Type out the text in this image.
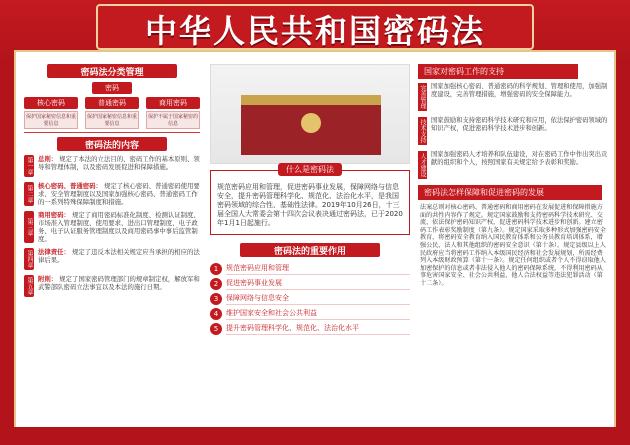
中华人民共和国密码法
密码法分类管理
密码
核心密码
保护国家秘密信息和重要信息
普通密码
保护国家秘密信息和重要信息
商用密码
保护不属于国家秘密的信息
密码法的内容
第一章 总则： 规定了本法的立法目的、密码工作的基本原则、领导和管理体制，以及密码发展促进和保障措施。
第二章 核心密码、普通密码： 规定了核心密码、普通密码使用要求、安全管理制度以及国家加强核心密码、普通密码工作的一系列特殊保障制度和措施。
第三章
商用密码： 规定了商用密码标准化制度、检测认证制度、市场准入管理制度、使用要求、进出口管理制度、电子政务、电子认证服务管理制度以及商用密码事中事后监管制度。
第四章 法律责任： 规定了违反本法相关规定应当承担的相应的法律后果。
第五章 附则： 规定了国家密码管理部门的规章制定权，解放军和武警部队密码立法事宜以及本法的施行日期。
什么是密码法
规范密码应用和管理，促进密码事业发展，保障网络与信息安全，提升密码管理科学化、规范化、法治化水平，是我国密码领域的综合性、基础性法律。2019年10月26日，十三届全国人大常委会第十四次会议表决通过密码法，已于2020年1月1日起施行。
密码法的重要作用
1	规范密码应用和管理
2	促进密码事业发展
3	保障网络与信息安全
4	维护国家安全和社会公共利益
5	提升密码管理科学化、规范化、法治化水平
国家对密码工作的支持
完善管理 国家加强核心密码、普通密码的科学规划、管理和使用，加强制度建设，完善管理措施，增强密码的安全保障能力。
技术支持 国家鼓励和支持密码科学技术研究和应用，依法保护密码领域的知识产权，促进密码科学技术进步和创新。
人才建设 国家加强密码人才培养和队伍建设，对在密码工作中作出突出贡献的组织和个人，按照国家有关规定给予表彰和奖励。
密码法怎样保障和促进密码的发展
法案总则对核心密码、普通密码和商用密码在发展促进和保障措施方面的共性内容作了规定。规定国家鼓励和支持密码科学技术研究、交流，依法保护密码知识产权，促进密码科学技术进步和创新。建立密码工作表彰奖励制度（第九条）。规定国家采取多种形式加强密码安全教育，将密码安全教育纳入国民教育体系和公务员教育培训体系，增强公民、法人和其他组织的密码安全意识（第十条）。规定县级以上人民政府应当将密码工作纳入本级国民经济和社会发展规划，所需经费列入本级财政预算（第十一条）。规定任何组织或者个人不得窃取他人加密保护的信息或者非法侵入他人的密码保障系统，不得利用密码从事危害国家安全、社会公共利益、他人合法权益等违法犯罪活动（第十二条）。
